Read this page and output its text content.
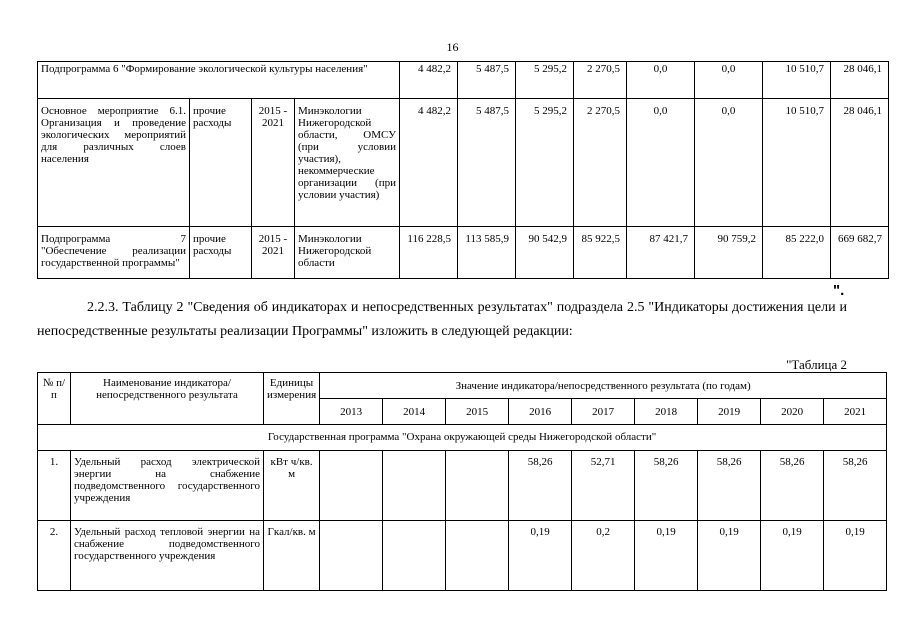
16
Подпрограмма 6 "Формирование экологической культуры населения"				4 482,2	5 487,5	5 295,2	2 270,5	0,0	0,0	10 510,7	28 046,1
Основное мероприятие 6.1. Организация и проведение экологических мероприятий для различных слоев населения	прочие расходы	2015 - 2021	Минэкологии Нижегородской области, ОМСУ (при условии участия), некоммерческие организации (при условии участия)	4 482,2	5 487,5	5 295,2	2 270,5	0,0	0,0	10 510,7	28 046,1
Подпрограмма 7 "Обеспечение реализации государственной программы"	прочие расходы	2015 - 2021	Минэкологии Нижегородской области	116 228,5	113 585,9	90 542,9	85 922,5	87 421,7	90 759,2	85 222,0	669 682,7
".
2.2.3. Таблицу 2 "Сведения об индикаторах и непосредственных результатах" подраздела 2.5 "Индикаторы достижения цели и непосредственные результаты реализации Программы" изложить в следующей редакции:
"Таблица 2
№ п/п	Наименование индикатора/непосредственного результата	Единицы измерения	Значение индикатора/непосредственного результата (по годам)								
			2013	2014	2015	2016	2017	2018	2019	2020	2021
Государственная программа "Охрана окружающей среды Нижегородской области"											
1.	Удельный расход электрической энергии на снабжение подведомственного государственного учреждения	кВт ч/кв. м				58,26	52,71	58,26	58,26	58,26	58,26
2.	Удельный расход тепловой энергии на снабжение подведомственного государственного учреждения	Гкал/кв. м				0,19	0,2	0,19	0,19	0,19	0,19
